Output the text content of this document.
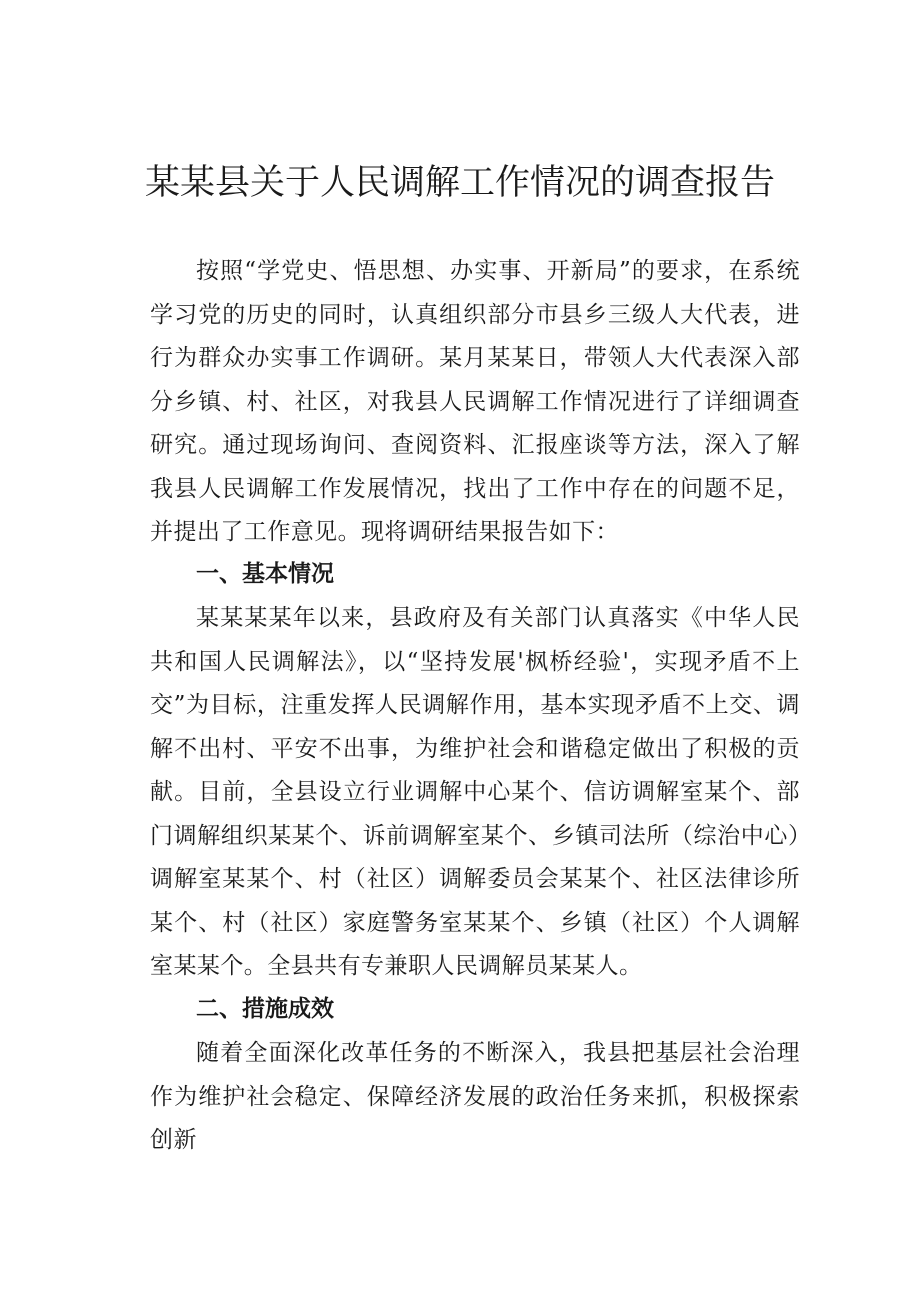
某某县关于人民调解工作情况的调查报告

按照“学党史、悟思想、办实事、开新局”的要求，在系统学习党的历史的同时，认真组织部分市县乡三级人大代表，进行为群众办实事工作调研。某月某某日，带领人大代表深入部分乡镇、村、社区，对我县人民调解工作情况进行了详细调查研究。通过现场询问、查阅资料、汇报座谈等方法，深入了解我县人民调解工作发展情况，找出了工作中存在的问题不足，并提出了工作意见。现将调研结果报告如下：

一、基本情况

某某某某年以来，县政府及有关部门认真落实《中华人民共和国人民调解法》，以“坚持发展'枫桥经验'，实现矛盾不上交”为目标，注重发挥人民调解作用，基本实现矛盾不上交、调解不出村、平安不出事，为维护社会和谐稳定做出了积极的贡献。目前，全县设立行业调解中心某个、信访调解室某个、部门调解组织某某个、诉前调解室某个、乡镇司法所（综治中心）调解室某某个、村（社区）调解委员会某某个、社区法律诊所某个、村（社区）家庭警务室某某个、乡镇（社区）个人调解室某某个。全县共有专兼职人民调解员某某人。

二、措施成效

随着全面深化改革任务的不断深入，我县把基层社会治理作为维护社会稳定、保障经济发展的政治任务来抓，积极探索创新
